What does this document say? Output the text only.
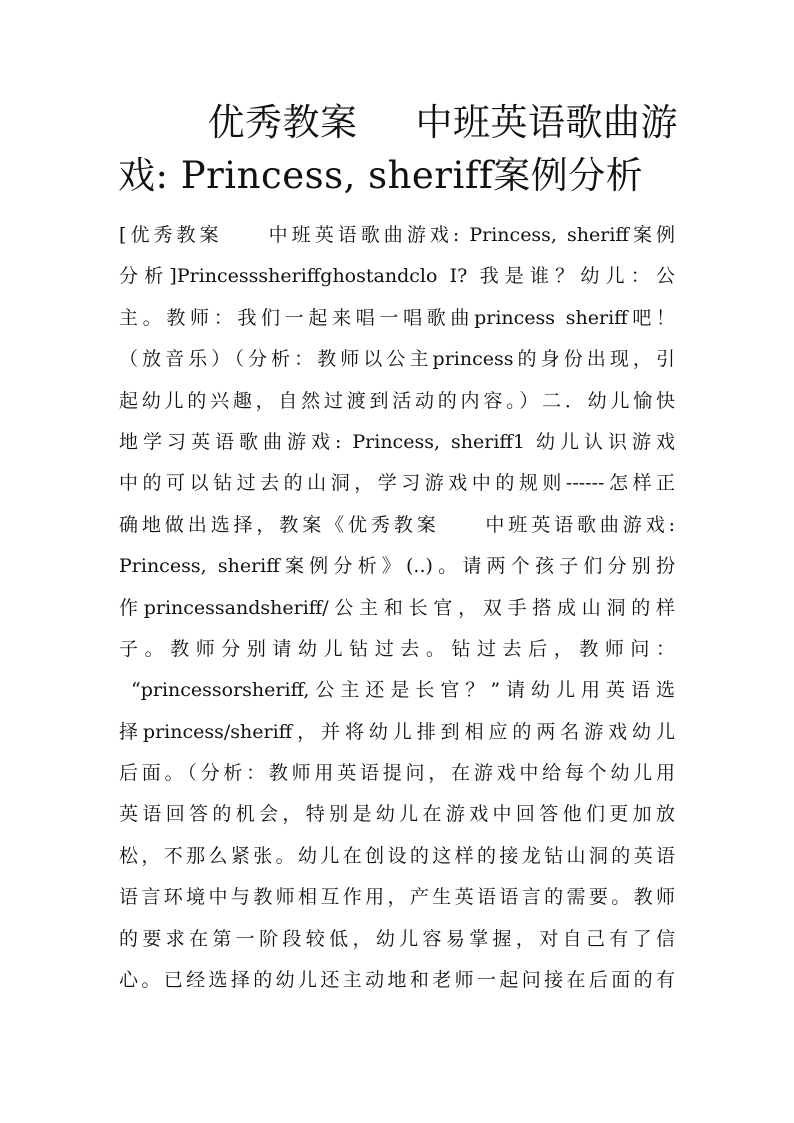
优秀教案 中班英语歌曲游
戏: Princess, sheriff案例分析
[优秀教案　　中班英语歌曲游戏: Princess, sheriff案例
分析]Princesssheriffghostandclo I? 我是谁？幼儿：公
主。教师：我们一起来唱一唱歌曲princess sheriff吧！
（放音乐）（分析：教师以公主princess的身份出现，引
起幼儿的兴趣，自然过渡到活动的内容。）二．幼儿愉快
地学习英语歌曲游戏: Princess, sheriff1 幼儿认识游戏
中的可以钻过去的山洞，学习游戏中的规则------怎样正
确地做出选择，教案《优秀教案　　中班英语歌曲游戏:
Princess, sheriff案例分析》(..)。请两个孩子们分别扮
作princessandsheriff/公主和长官，双手搭成山洞的样
子。教师分别请幼儿钻过去。钻过去后，教师问：
“princessorsheriff,公主还是长官？”请幼儿用英语选
择princess/sheriff，并将幼儿排到相应的两名游戏幼儿
后面。（分析：教师用英语提问，在游戏中给每个幼儿用
英语回答的机会，特别是幼儿在游戏中回答他们更加放
松，不那么紧张。幼儿在创设的这样的接龙钻山洞的英语
语言环境中与教师相互作用，产生英语语言的需要。教师
的要求在第一阶段较低，幼儿容易掌握，对自己有了信
心。已经选择的幼儿还主动地和老师一起问接在后面的有
